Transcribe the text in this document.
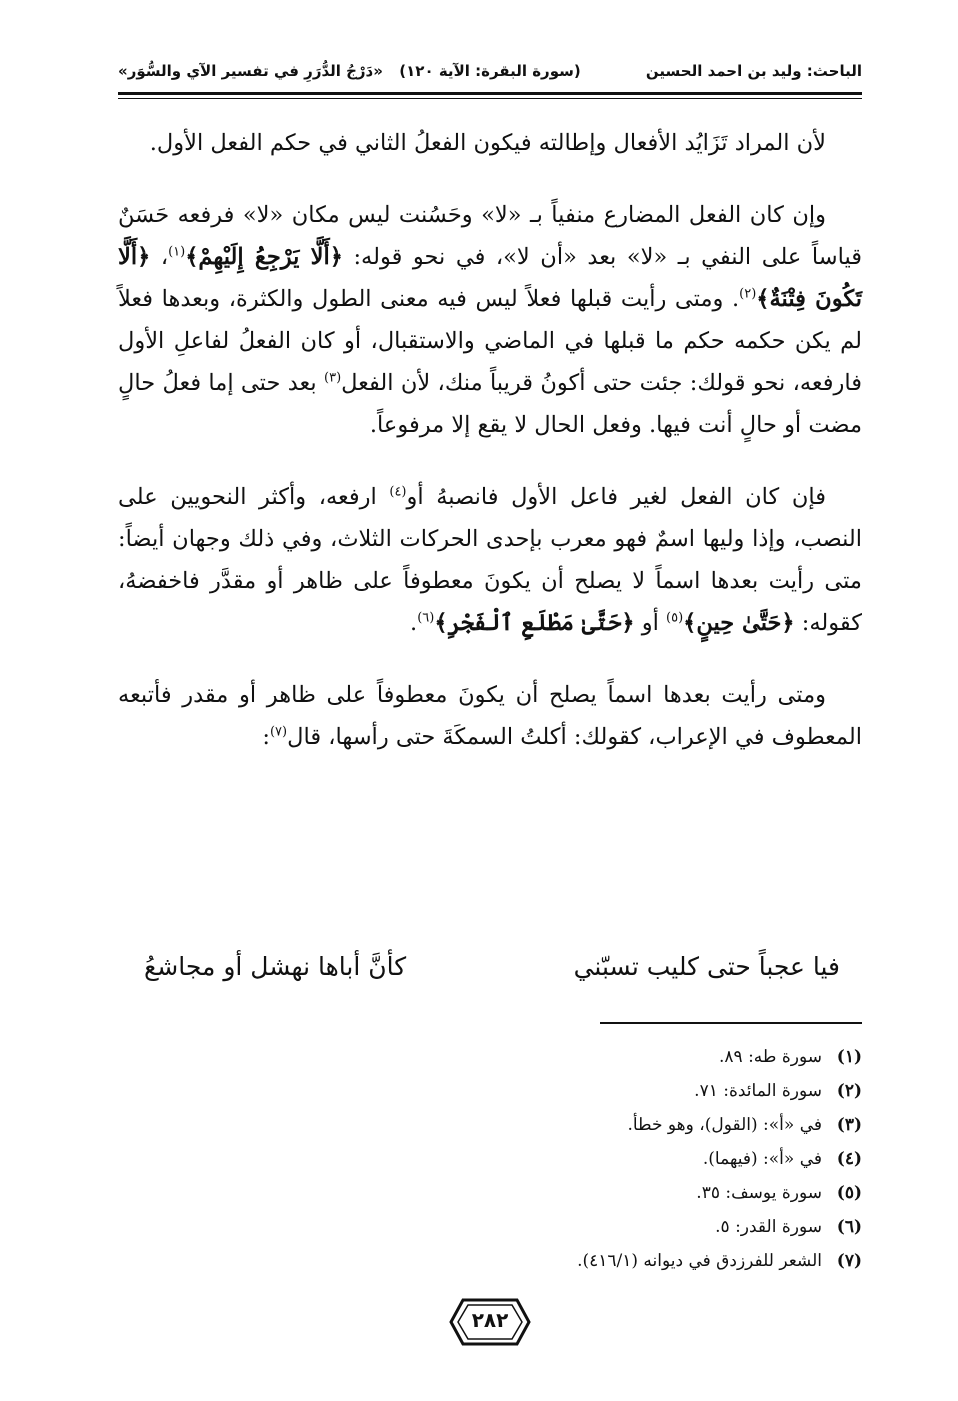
الباحث: وليد بن احمد الحسين
(سورة البقرة: الآية ١٢٠)
«دَرْجُ الدُّرَرِ في تفسير الآي والسُّوَر»

لأن المراد تَزَايُد الأفعال وإطالته فيكون الفعلُ الثاني في حكم الفعل الأول.

وإن كان الفعل المضارع منفياً بـ «لا» وحَسُنت ليس مكان «لا» فرفعه حَسَنٌ قياساً على النفي بـ «لا» بعد «أن لا»، في نحو قوله: ﴿أَلَّا يَرْجِعُ إِلَيْهِمْ﴾$^{(١)}$، ﴿أَلَّا تَكُونَ فِتْنَةٌ﴾$^{(٢)}$. ومتى رأيت قبلها فعلاً ليس فيه معنى الطول والكثرة، وبعدها فعلاً لم يكن حكمه حكم ما قبلها في الماضي والاستقبال، أو كان الفعلُ لفاعلِ الأول فارفعه، نحو قولك: جئت حتى أكونُ قريباً منك، لأن الفعل$^{(٣)}$ بعد حتى إما فعلُ حالٍ مضت أو حالٍ أنت فيها. وفعل الحال لا يقع إلا مرفوعاً.

فإن كان الفعل لغير فاعل الأول فانصبهُ أو$^{(٤)}$ ارفعه، وأكثر النحويين على النصب، وإذا وليها اسمٌ فهو معرب بإحدى الحركات الثلاث، وفي ذلك وجهان أيضاً: متى رأيت بعدها اسماً لا يصلح أن يكونَ معطوفاً على ظاهر أو مقدَّر فاخفضهُ، كقوله: ﴿حَتَّىٰ حِينٍ﴾$^{(٥)}$ أو ﴿حَتَّىٰ مَطْلَعِ ٱلْفَجْرِ﴾$^{(٦)}$.

ومتى رأيت بعدها اسماً يصلح أن يكونَ معطوفاً على ظاهر أو مقدر فأتبعه المعطوف في الإعراب، كقولك: أكلتُ السمكَةَ حتى رأسها، قال$^{(٧)}$:

فيا عجباً حتى كليب تسبّني
كأنَّ أباها نهشل أو مجاشعُ
(١)سورة طه: ٨٩.
(٢)سورة المائدة: ٧١.
(٣)في «أ»: (القول)، وهو خطأ.
(٤)في «أ»: (فيهما).
(٥)سورة يوسف: ٣٥.
(٦)سورة القدر: ٥.
(٧)الشعر للفرزدق في ديوانه (٤١٦/١).
٢٨٢
